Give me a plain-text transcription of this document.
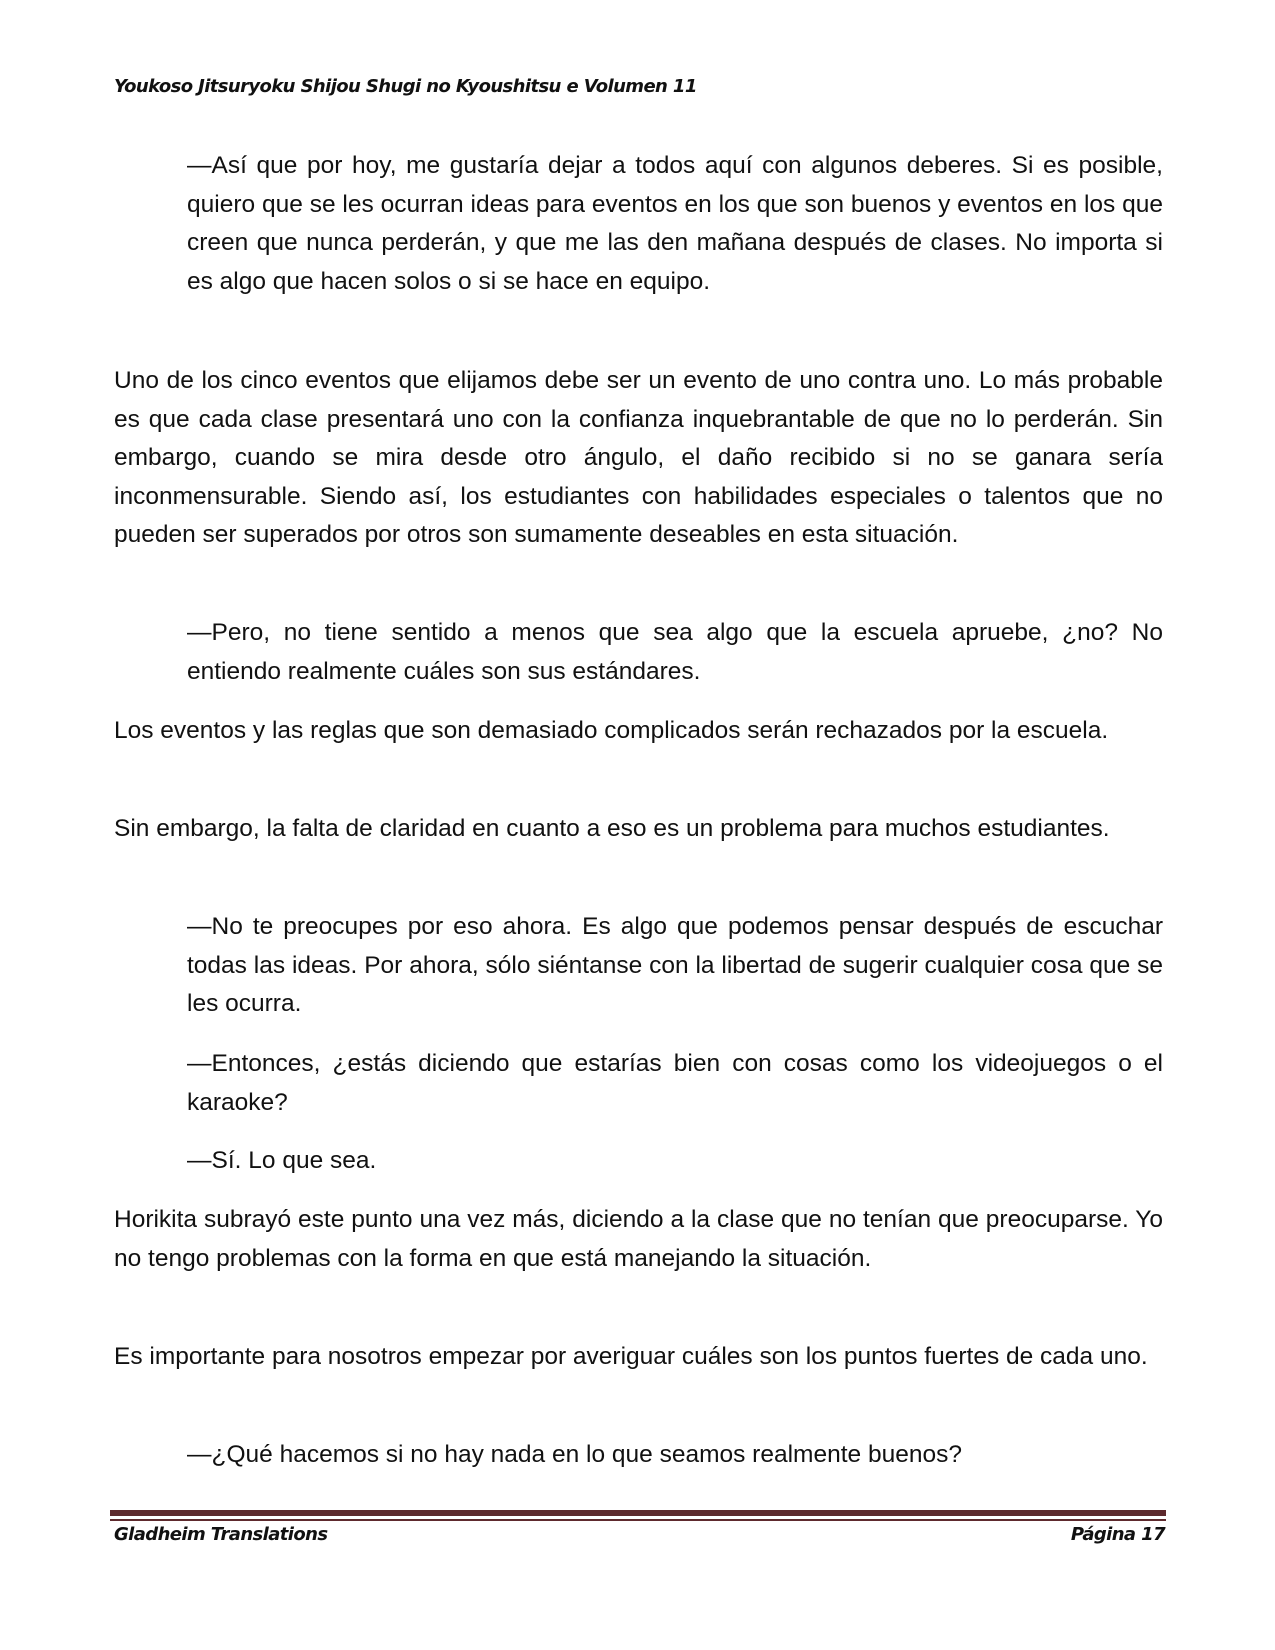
Youkoso Jitsuryoku Shijou Shugi no Kyoushitsu e Volumen 11
—Así que por hoy, me gustaría dejar a todos aquí con algunos deberes. Si es posible, quiero que se les ocurran ideas para eventos en los que son buenos y eventos en los que creen que nunca perderán, y que me las den mañana después de clases. No importa si es algo que hacen solos o si se hace en equipo.
Uno de los cinco eventos que elijamos debe ser un evento de uno contra uno. Lo más probable es que cada clase presentará uno con la confianza inquebrantable de que no lo perderán. Sin embargo, cuando se mira desde otro ángulo, el daño recibido si no se ganara sería inconmensurable. Siendo así, los estudiantes con habilidades especiales o talentos que no pueden ser superados por otros son sumamente deseables en esta situación.
—Pero, no tiene sentido a menos que sea algo que la escuela apruebe, ¿no? No entiendo realmente cuáles son sus estándares.
Los eventos y las reglas que son demasiado complicados serán rechazados por la escuela.
Sin embargo, la falta de claridad en cuanto a eso es un problema para muchos estudiantes.
—No te preocupes por eso ahora. Es algo que podemos pensar después de escuchar todas las ideas. Por ahora, sólo siéntanse con la libertad de sugerir cualquier cosa que se les ocurra.
—Entonces, ¿estás diciendo que estarías bien con cosas como los videojuegos o el karaoke?
—Sí. Lo que sea.
Horikita subrayó este punto una vez más, diciendo a la clase que no tenían que preocuparse. Yo no tengo problemas con la forma en que está manejando la situación.
Es importante para nosotros empezar por averiguar cuáles son los puntos fuertes de cada uno.
—¿Qué hacemos si no hay nada en lo que seamos realmente buenos?
Gladheim Translations	Página 17
